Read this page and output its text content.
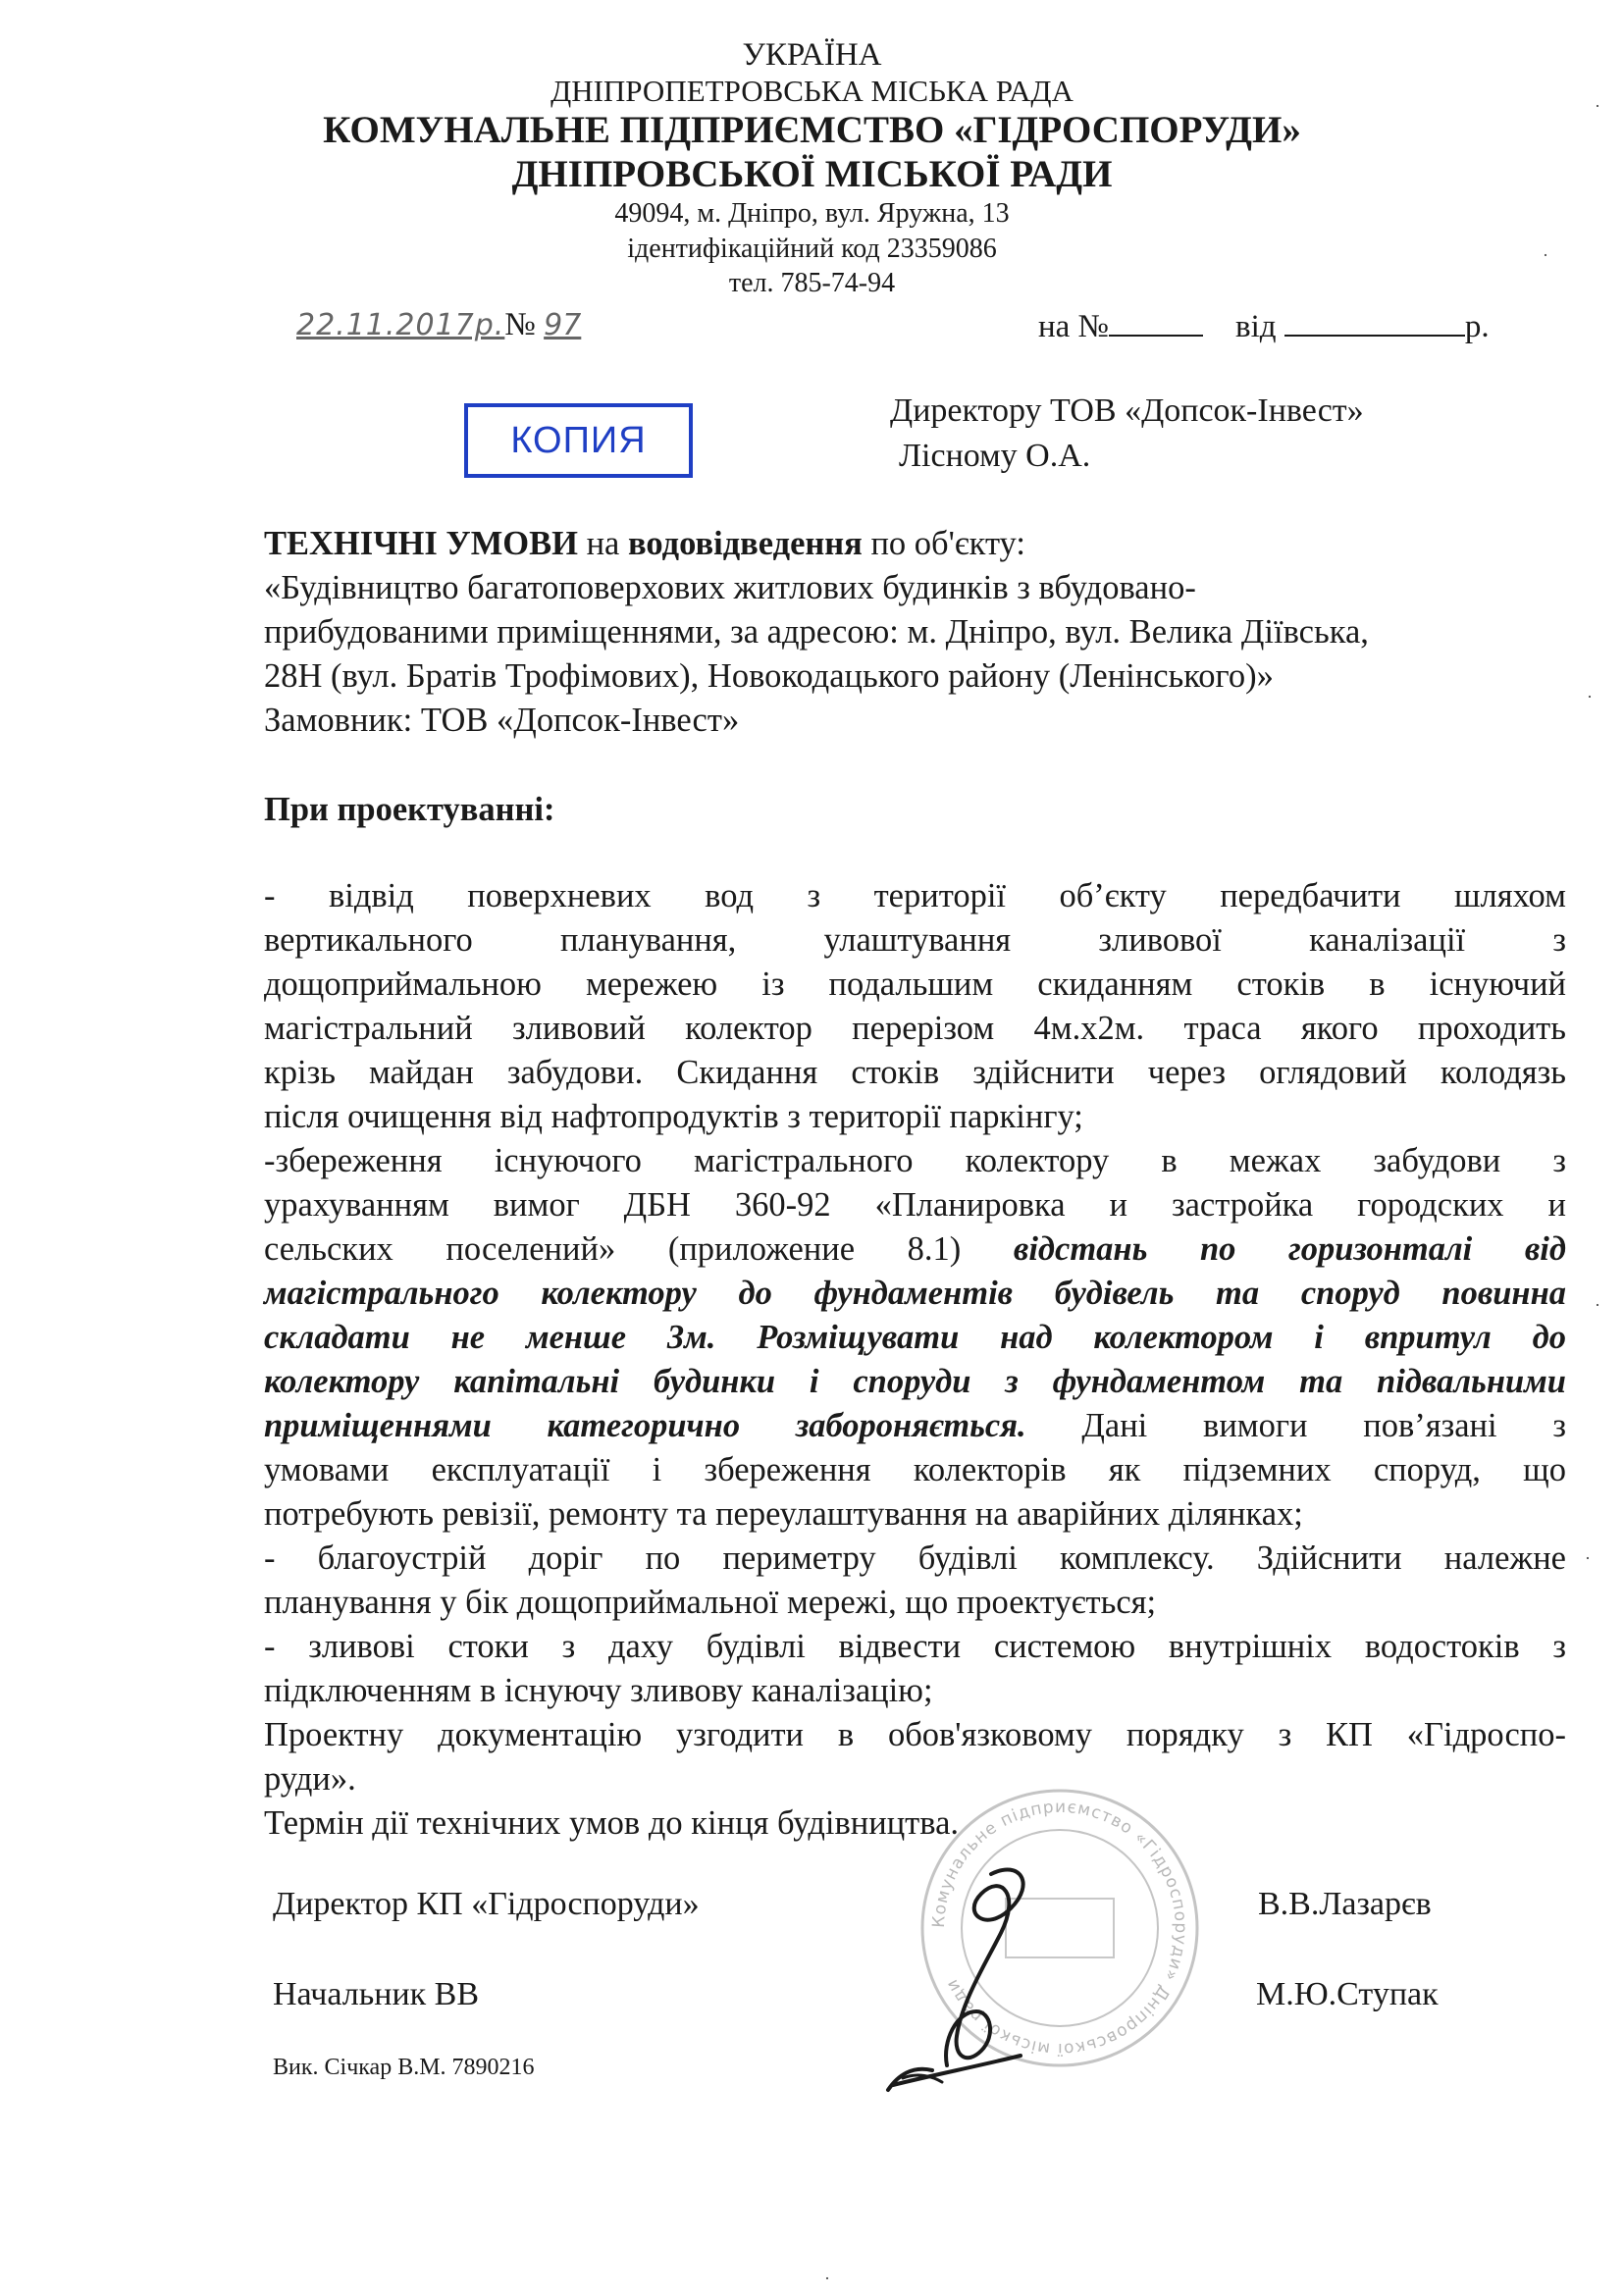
УКРАЇНА
ДНІПРОПЕТРОВСЬКА МІСЬКА РАДА
КОМУНАЛЬНЕ ПІДПРИЄМСТВО «ГІДРОСПОРУДИ»
ДНІПРОВСЬКОЇ МІСЬКОЇ РАДИ
49094, м. Дніпро, вул. Яружна, 13
ідентифікаційний код 23359086
тел. 785-74-94
22.11.2017р.№ 97	на №	від	р.
КОПИЯ
Директору ТОВ «Допсок-Інвест»
Лісному О.А.
ТЕХНІЧНІ УМОВИ на водовідведення по об'єкту:
«Будівництво багатоповерхових житлових будинків з вбудовано-
прибудованими приміщеннями, за адресою: м. Дніпро, вул. Велика Діївська,
28Н (вул. Братів Трофімових), Новокодацького району (Ленінського)»
Замовник: ТОВ «Допсок-Інвест»
При проектуванні:
- відвід поверхневих вод з території об’єкту передбачити шляхом
вертикального планування, улаштування зливової каналізації з
дощоприймальною мережею із подальшим скиданням стоків в існуючий
магістральний зливовий колектор перерізом 4м.х2м. траса якого проходить
крізь майдан забудови. Скидання стоків здійснити через оглядовий колодязь
після очищення від нафтопродуктів з території паркінгу;
-збереження існуючого магістрального колектору в межах забудови з
урахуванням вимог ДБН 360-92 «Планировка и застройка городских и
сельских поселений» (приложение 8.1) відстань по горизонталі від
магістрального колектору до фундаментів будівель та споруд повинна
складати не менше 3м. Розміщувати над колектором і впритул до
колектору капітальні будинки і споруди з фундаментом та підвальними
приміщеннями категорично забороняється. Дані вимоги пов’язані з
умовами експлуатації і збереження колекторів як підземних споруд, що
потребують ревізії, ремонту та переулаштування на аварійних ділянках;
- благоустрій доріг по периметру будівлі комплексу. Здійснити належне
планування у бік дощоприймальної мережі, що проектується;
- зливові стоки з даху будівлі відвести системою внутрішніх водостоків з
підключенням в існуючу зливову каналізацію;
Проектну документацію узгодити в обов'язковому порядку з КП «Гідроспо-
руди».
Термін дії технічних умов до кінця будівництва.
Комунальне підприємство «Гідроспоруди» Дніпровської міської ради
Директор КП «Гідроспоруди»	В.В.Лазарєв
Начальник ВВ	М.Ю.Ступак
Вик. Січкар В.М. 7890216
·
·
·
·
·
·
